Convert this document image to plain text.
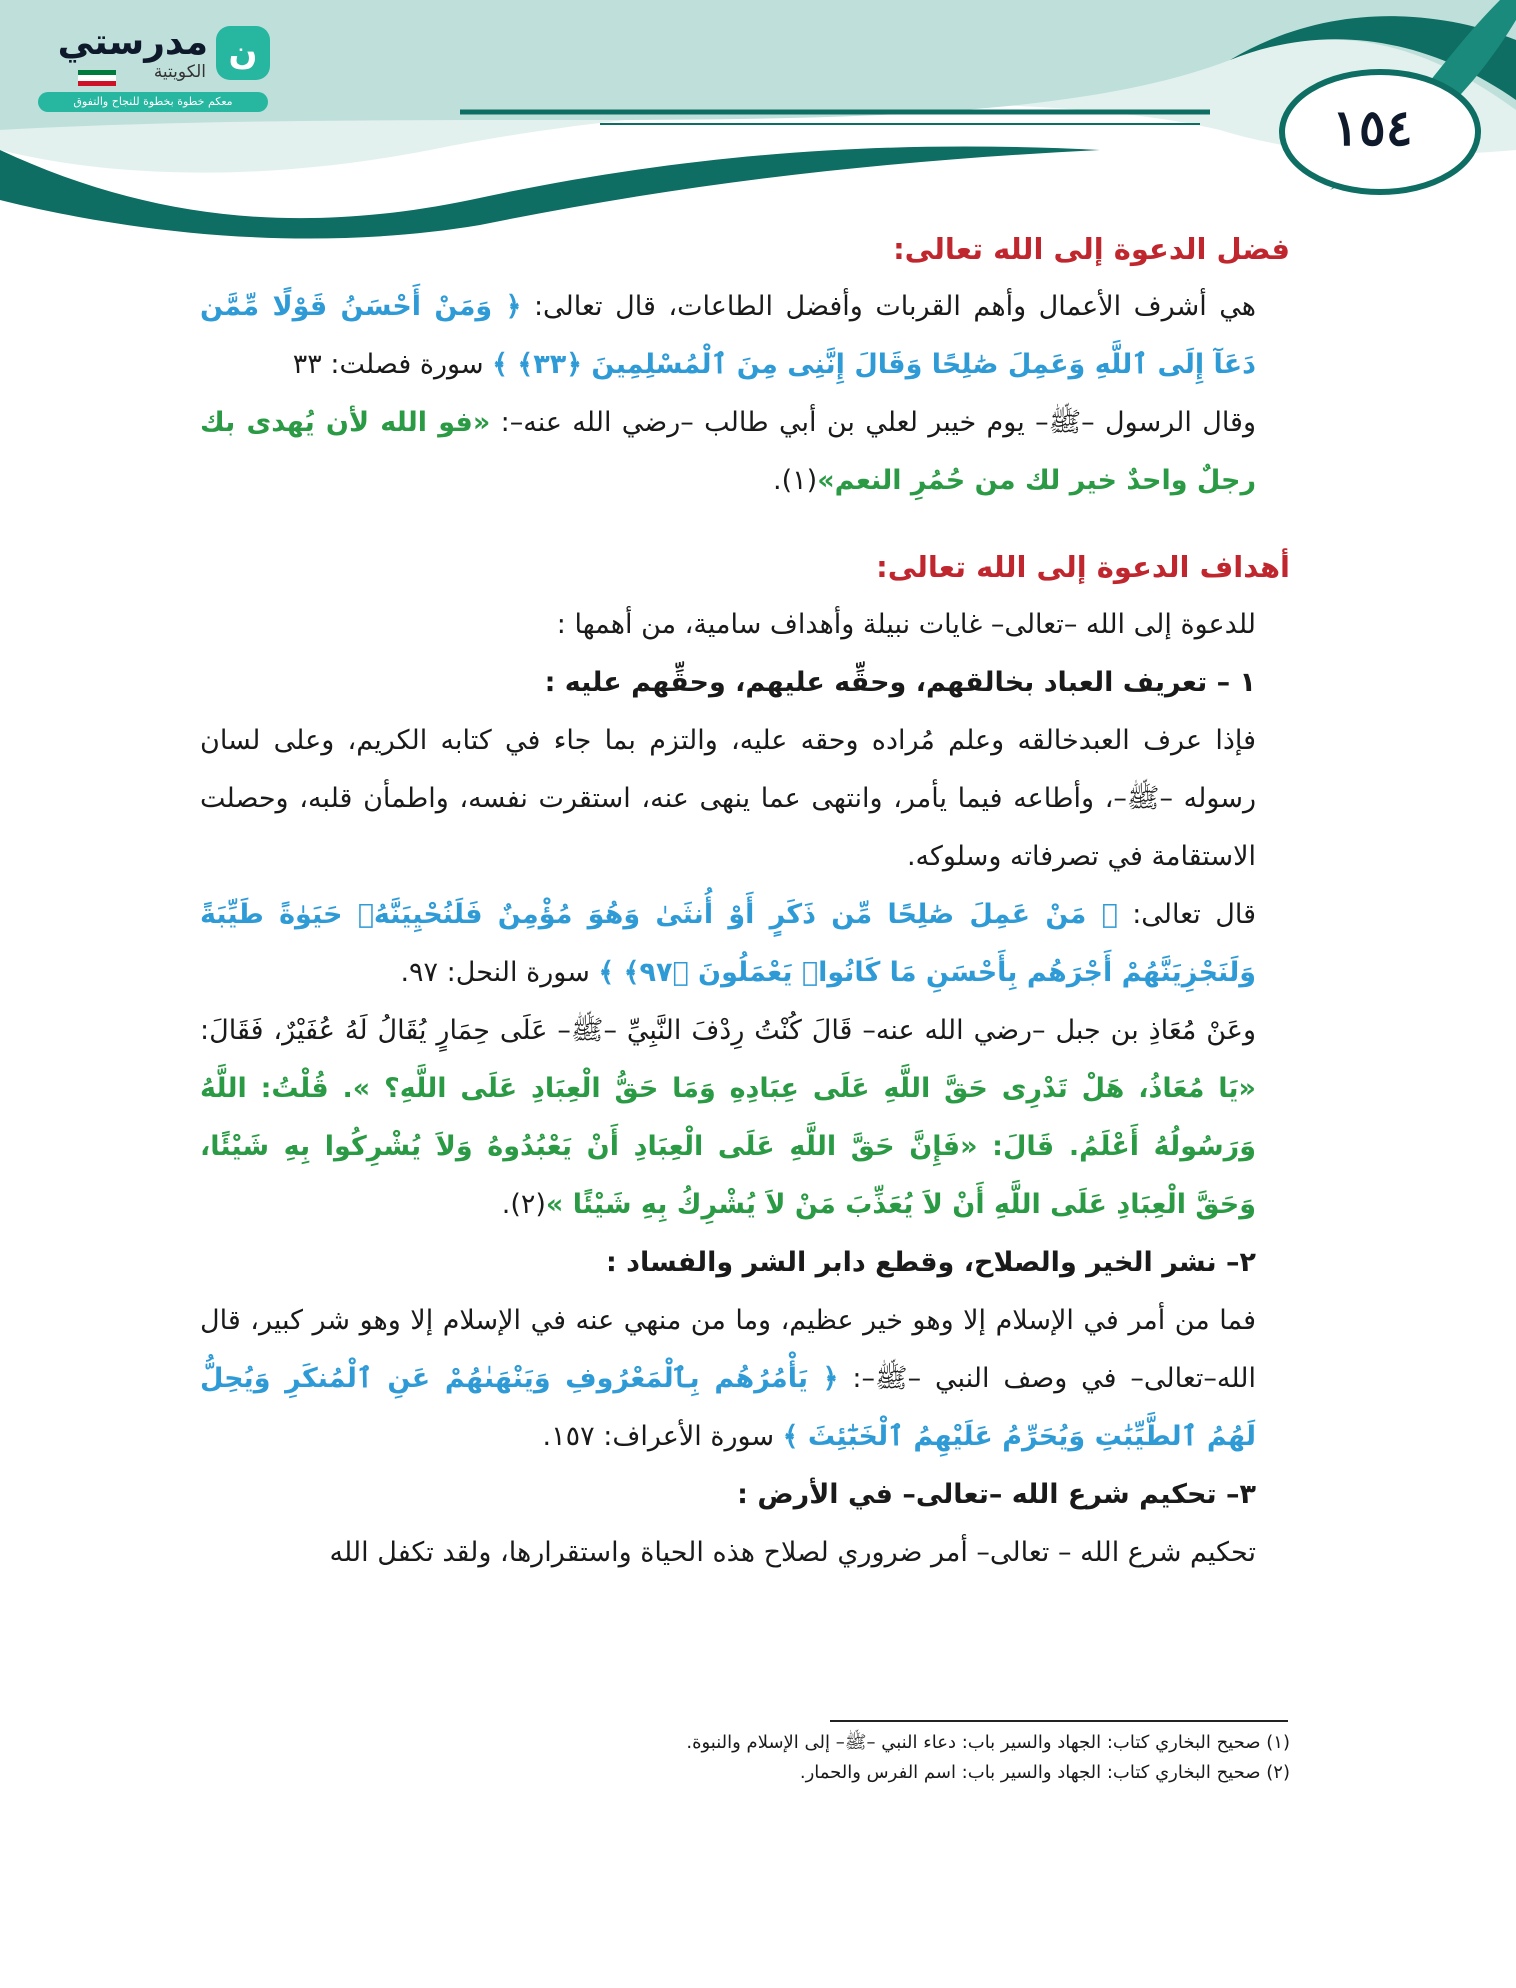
ن
مدرستي
الكويتية
معكم خطوة بخطوة للنجاح والتفوق	١٥٤
فضل الدعوة إلى الله تعالى:

هي أشرف الأعمال وأهم القربات وأفضل الطاعات، قال تعالى: ﴿ وَمَنْ أَحْسَنُ قَوْلًا مِّمَّن دَعَآ إِلَى ٱللَّهِ وَعَمِلَ صَٰلِحًا وَقَالَ إِنَّنِى مِنَ ٱلْمُسْلِمِينَ ﴿٣٣﴾ ﴾ سورة فصلت: ٣٣

وقال الرسول –ﷺ– يوم خيبر لعلي بن أبي طالب –رضي الله عنه–: «فو الله لأن يُهدى بك رجلٌ واحدٌ خير لك من حُمُرِ النعم»(١).

أهداف الدعوة إلى الله تعالى:

للدعوة إلى الله –تعالى– غايات نبيلة وأهداف سامية، من أهمها :

١ – تعريف العباد بخالقهم، وحقِّه عليهم، وحقِّهم عليه :

فإذا عرف العبدخالقه وعلم مُراده وحقه عليه، والتزم بما جاء في كتابه الكريم، وعلى لسان رسوله –ﷺ–، وأطاعه فيما يأمر، وانتهى عما ينهى عنه، استقرت نفسه، واطمأن قلبه، وحصلت الاستقامة في تصرفاته وسلوكه.

قال تعالى: ﴿ مَنْ عَمِلَ صَٰلِحًا مِّن ذَكَرٍ أَوْ أُنثَىٰ وَهُوَ مُؤْمِنٌ فَلَنُحْيِيَنَّهُۥ حَيَوٰةً طَيِّبَةً وَلَنَجْزِيَنَّهُمْ أَجْرَهُم بِأَحْسَنِ مَا كَانُوا۟ يَعْمَلُونَ ﴿٩٧﴾ ﴾ سورة النحل: ٩٧.

وعَنْ مُعَاذِ بن جبل –رضي الله عنه– قَالَ كُنْتُ رِدْفَ النَّبِيِّ –ﷺ– عَلَى حِمَارٍ يُقَالُ لَهُ عُفَيْرٌ، فَقَالَ: «يَا مُعَاذُ، هَلْ تَدْرِى حَقَّ اللَّهِ عَلَى عِبَادِهِ وَمَا حَقُّ الْعِبَادِ عَلَى اللَّهِ؟ ». قُلْتُ: اللَّهُ وَرَسُولُهُ أَعْلَمُ. قَالَ: «فَإِنَّ حَقَّ اللَّهِ عَلَى الْعِبَادِ أَنْ يَعْبُدُوهُ وَلاَ يُشْرِكُوا بِهِ شَيْئًا، وَحَقَّ الْعِبَادِ عَلَى اللَّهِ أَنْ لاَ يُعَذِّبَ مَنْ لاَ يُشْرِكُ بِهِ شَيْئًا »(٢).

٢– نشر الخير والصلاح، وقطع دابر الشر والفساد :

فما من أمر في الإسلام إلا وهو خير عظيم، وما من منهي عنه في الإسلام إلا وهو شر كبير، قال الله–تعالى– في وصف النبي –ﷺ–: ﴿ يَأْمُرُهُم بِٱلْمَعْرُوفِ وَيَنْهَىٰهُمْ عَنِ ٱلْمُنكَرِ وَيُحِلُّ لَهُمُ ٱلطَّيِّبَٰتِ وَيُحَرِّمُ عَلَيْهِمُ ٱلْخَبَٰٓئِثَ ﴾ سورة الأعراف: ١٥٧.

٣– تحكيم شرع الله –تعالى– في الأرض :

تحكيم شرع الله – تعالى– أمر ضروري لصلاح هذه الحياة واستقرارها، ولقد تكفل الله

(١) صحيح البخاري كتاب: الجهاد والسير باب: دعاء النبي –ﷺ– إلى الإسلام والنبوة.
(٢) صحيح البخاري كتاب: الجهاد والسير باب: اسم الفرس والحمار.
